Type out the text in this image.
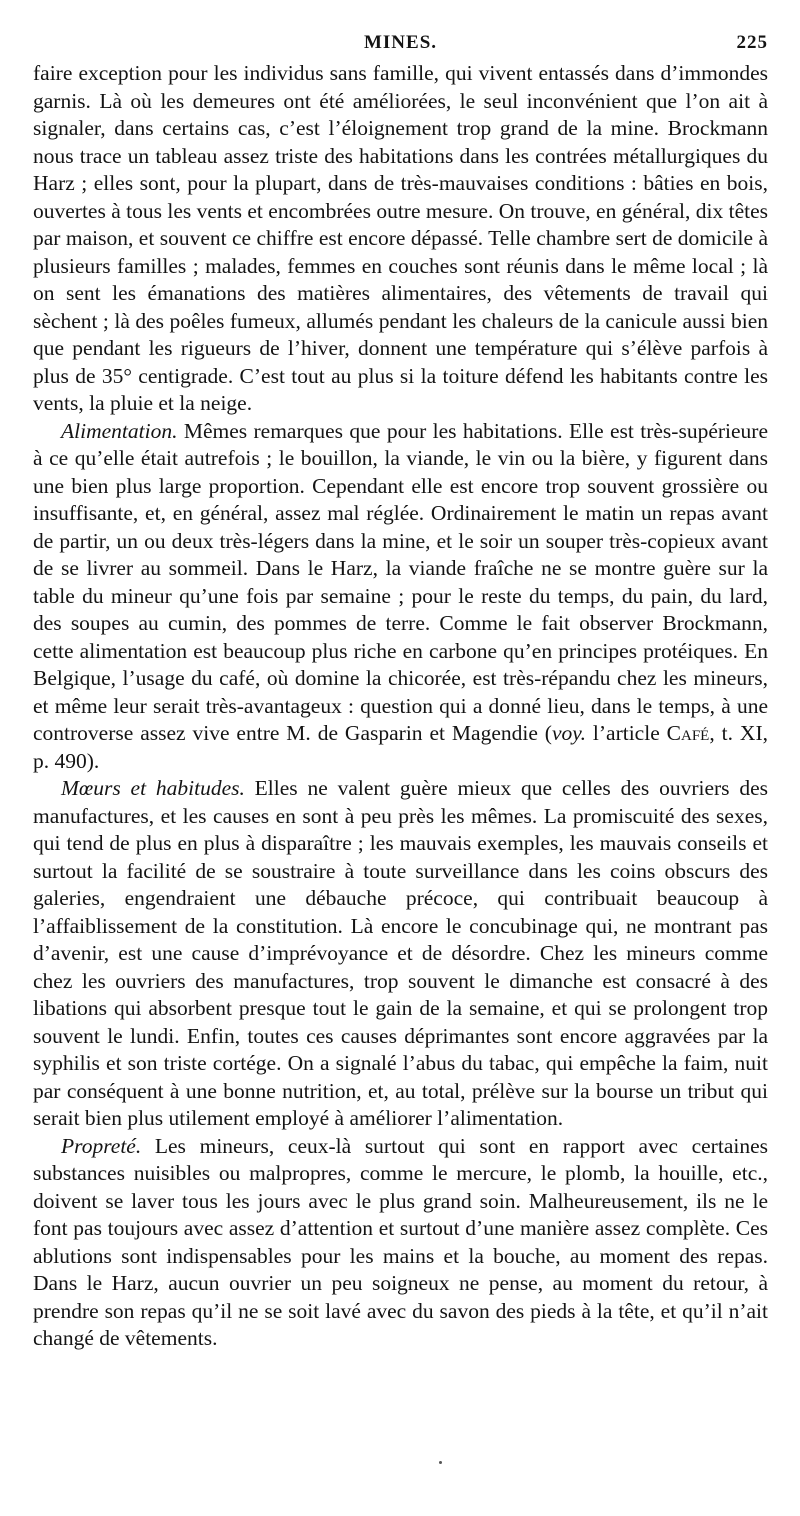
MINES.	225

faire exception pour les individus sans famille, qui vivent entassés dans d’immondes garnis. Là où les demeures ont été améliorées, le seul inconvénient que l’on ait à signaler, dans certains cas, c’est l’éloignement trop grand de la mine. Brockmann nous trace un tableau assez triste des habitations dans les contrées métallurgiques du Harz ; elles sont, pour la plupart, dans de très-mauvaises conditions : bâties en bois, ouvertes à tous les vents et encombrées outre mesure. On trouve, en général, dix têtes par maison, et souvent ce chiffre est encore dépassé. Telle chambre sert de domicile à plusieurs familles ; malades, femmes en couches sont réunis dans le même local ; là on sent les émanations des matières alimentaires, des vêtements de travail qui sèchent ; là des poêles fumeux, allumés pendant les chaleurs de la canicule aussi bien que pendant les rigueurs de l’hiver, donnent une température qui s’élève parfois à plus de 35° centigrade. C’est tout au plus si la toiture défend les habitants contre les vents, la pluie et la neige.

Alimentation. Mêmes remarques que pour les habitations. Elle est très-supérieure à ce qu’elle était autrefois ; le bouillon, la viande, le vin ou la bière, y figurent dans une bien plus large proportion. Cependant elle est encore trop souvent grossière ou insuffisante, et, en général, assez mal réglée. Ordinairement le matin un repas avant de partir, un ou deux très-légers dans la mine, et le soir un souper très-copieux avant de se livrer au sommeil. Dans le Harz, la viande fraîche ne se montre guère sur la table du mineur qu’une fois par semaine ; pour le reste du temps, du pain, du lard, des soupes au cumin, des pommes de terre. Comme le fait observer Brockmann, cette alimentation est beaucoup plus riche en carbone qu’en principes protéiques. En Belgique, l’usage du café, où domine la chicorée, est très-répandu chez les mineurs, et même leur serait très-avantageux : question qui a donné lieu, dans le temps, à une controverse assez vive entre M. de Gasparin et Magendie (voy. l’article Café, t. XI, p. 490).

Mœurs et habitudes. Elles ne valent guère mieux que celles des ouvriers des manufactures, et les causes en sont à peu près les mêmes. La promiscuité des sexes, qui tend de plus en plus à disparaître ; les mauvais exemples, les mauvais conseils et surtout la facilité de se soustraire à toute surveillance dans les coins obscurs des galeries, engendraient une débauche précoce, qui contribuait beaucoup à l’affaiblissement de la constitution. Là encore le concubinage qui, ne montrant pas d’avenir, est une cause d’imprévoyance et de désordre. Chez les mineurs comme chez les ouvriers des manufactures, trop souvent le dimanche est consacré à des libations qui absorbent presque tout le gain de la semaine, et qui se prolongent trop souvent le lundi. Enfin, toutes ces causes déprimantes sont encore aggravées par la syphilis et son triste cortége. On a signalé l’abus du tabac, qui empêche la faim, nuit par conséquent à une bonne nutrition, et, au total, prélève sur la bourse un tribut qui serait bien plus utilement employé à améliorer l’alimentation.

Propreté. Les mineurs, ceux-là surtout qui sont en rapport avec certaines substances nuisibles ou malpropres, comme le mercure, le plomb, la houille, etc., doivent se laver tous les jours avec le plus grand soin. Malheureusement, ils ne le font pas toujours avec assez d’attention et surtout d’une manière assez complète. Ces ablutions sont indispensables pour les mains et la bouche, au moment des repas. Dans le Harz, aucun ouvrier un peu soigneux ne pense, au moment du retour, à prendre son repas qu’il ne se soit lavé avec du savon des pieds à la tête, et qu’il n’ait changé de vêtements.
